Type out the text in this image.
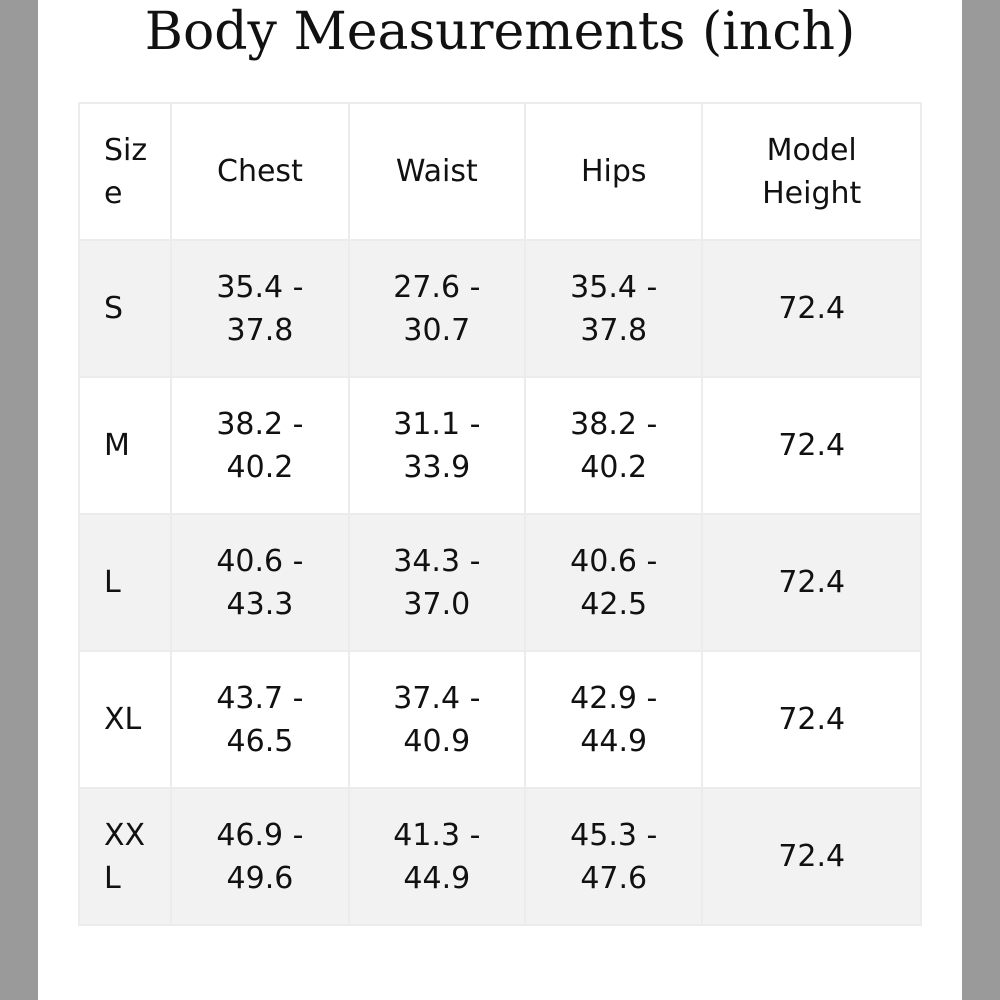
Body Measurements (inch)
Size	Chest	Waist	Hips	Model Height

S	35.4 - 37.8	27.6 - 30.7	35.4 - 37.8	72.4

M	38.2 - 40.2	31.1 - 33.9	38.2 - 40.2	72.4

L	40.6 - 43.3	34.3 - 37.0	40.6 - 42.5	72.4

XL	43.7 - 46.5	37.4 - 40.9	42.9 - 44.9	72.4

XXL	46.9 - 49.6	41.3 - 44.9	45.3 - 47.6	72.4
